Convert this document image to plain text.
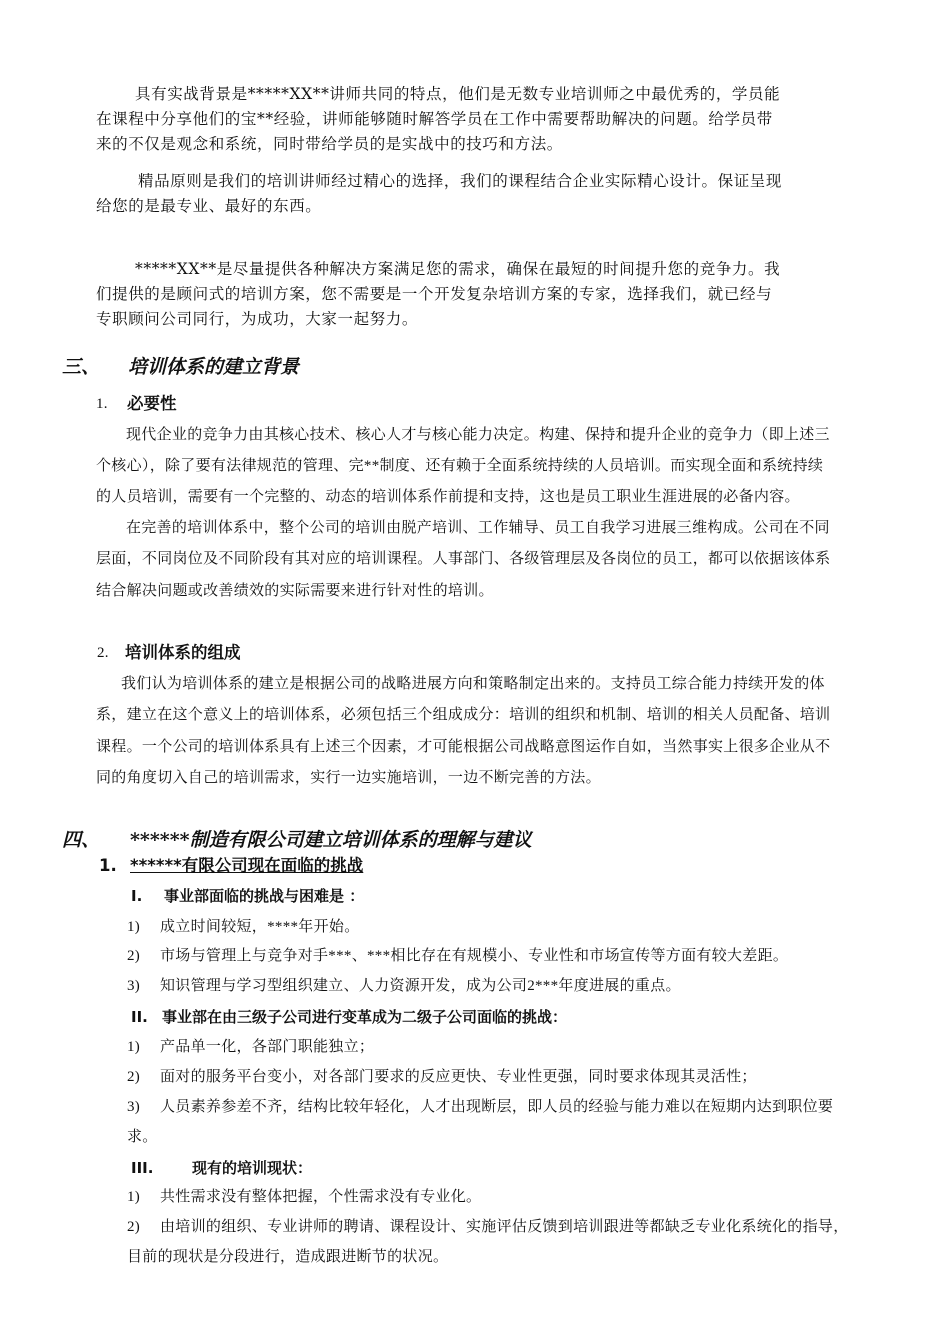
具有实战背景是*****XX**讲师共同的特点，他们是无数专业培训师之中最优秀的，学员能
在课程中分享他们的宝**经验，讲师能够随时解答学员在工作中需要帮助解决的问题。给学员带
来的不仅是观念和系统，同时带给学员的是实战中的技巧和方法。
精品原则是我们的培训讲师经过精心的选择，我们的课程结合企业实际精心设计。保证呈现
给您的是最专业、最好的东西。
*****XX**是尽量提供各种解决方案满足您的需求，确保在最短的时间提升您的竞争力。我
们提供的是顾问式的培训方案，您不需要是一个开发复杂培训方案的专家，选择我们，就已经与
专职顾问公司同行，为成功，大家一起努力。
三、 培训体系的建立背景
1. 必要性
现代企业的竞争力由其核心技术、核心人才与核心能力决定。构建、保持和提升企业的竞争力（即上述三
个核心），除了要有法律规范的管理、完**制度、还有赖于全面系统持续的人员培训。而实现全面和系统持续
的人员培训，需要有一个完整的、动态的培训体系作前提和支持，这也是员工职业生涯进展的必备内容。
在完善的培训体系中，整个公司的培训由脱产培训、工作辅导、员工自我学习进展三维构成。公司在不同
层面，不同岗位及不同阶段有其对应的培训课程。人事部门、各级管理层及各岗位的员工，都可以依据该体系
结合解决问题或改善绩效的实际需要来进行针对性的培训。
2. 培训体系的组成
我们认为培训体系的建立是根据公司的战略进展方向和策略制定出来的。支持员工综合能力持续开发的体
系，建立在这个意义上的培训体系，必须包括三个组成成分：培训的组织和机制、培训的相关人员配备、培训
课程。一个公司的培训体系具有上述三个因素，才可能根据公司战略意图运作自如，当然事实上很多企业从不
同的角度切入自己的培训需求，实行一边实施培训，一边不断完善的方法。
四、 ******制造有限公司建立培训体系的理解与建议
1. ******有限公司现在面临的挑战
I. 事业部面临的挑战与困难是 ：
1) 成立时间较短，****年开始。
2) 市场与管理上与竞争对手***、***相比存在有规模小、专业性和市场宣传等方面有较大差距。
3) 知识管理与学习型组织建立、人力资源开发，成为公司2***年度进展的重点。
II. 事业部在由三级子公司进行变革成为二级子公司面临的挑战：
1) 产品单一化，各部门职能独立；
2) 面对的服务平台变小，对各部门要求的反应更快、专业性更强，同时要求体现其灵活性；
3) 人员素养参差不齐，结构比较年轻化，人才出现断层，即人员的经验与能力难以在短期内达到职位要
求。
III.	现有的培训现状：
1) 共性需求没有整体把握，个性需求没有专业化。
2) 由培训的组织、专业讲师的聘请、课程设计、实施评估反馈到培训跟进等都缺乏专业化系统化的指导，
目前的现状是分段进行，造成跟进断节的状况。
